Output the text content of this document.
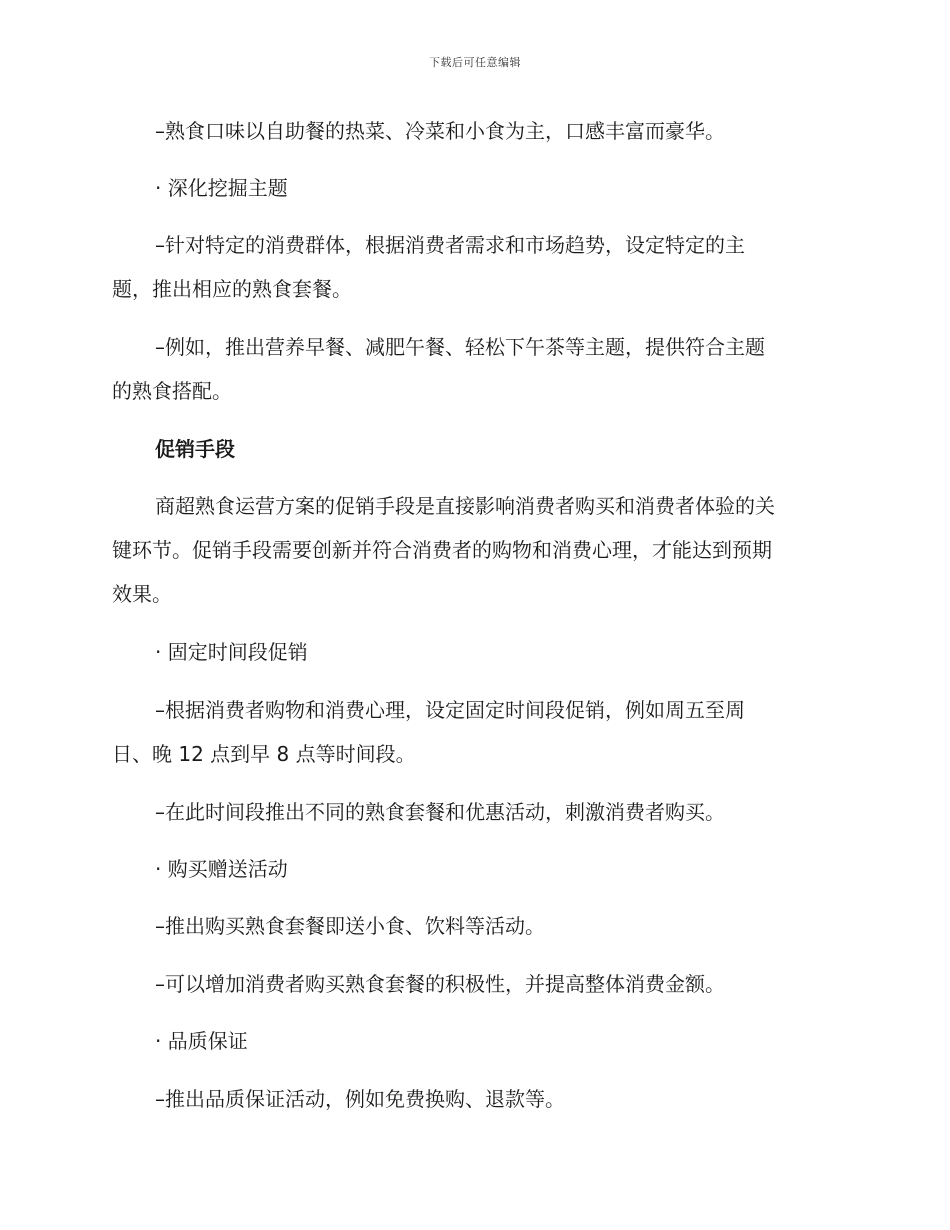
下载后可任意编辑
–熟食口味以自助餐的热菜、冷菜和小食为主，口感丰富而豪华。
· 深化挖掘主题
–针对特定的消费群体，根据消费者需求和市场趋势，设定特定的主
题，推出相应的熟食套餐。
–例如，推出营养早餐、减肥午餐、轻松下午茶等主题，提供符合主题
的熟食搭配。
促销手段
商超熟食运营方案的促销手段是直接影响消费者购买和消费者体验的关
键环节。促销手段需要创新并符合消费者的购物和消费心理，才能达到预期
效果。
· 固定时间段促销
–根据消费者购物和消费心理，设定固定时间段促销，例如周五至周
日、晚 12 点到早 8 点等时间段。
–在此时间段推出不同的熟食套餐和优惠活动，刺激消费者购买。
· 购买赠送活动
–推出购买熟食套餐即送小食、饮料等活动。
–可以增加消费者购买熟食套餐的积极性，并提高整体消费金额。
· 品质保证
–推出品质保证活动，例如免费换购、退款等。
